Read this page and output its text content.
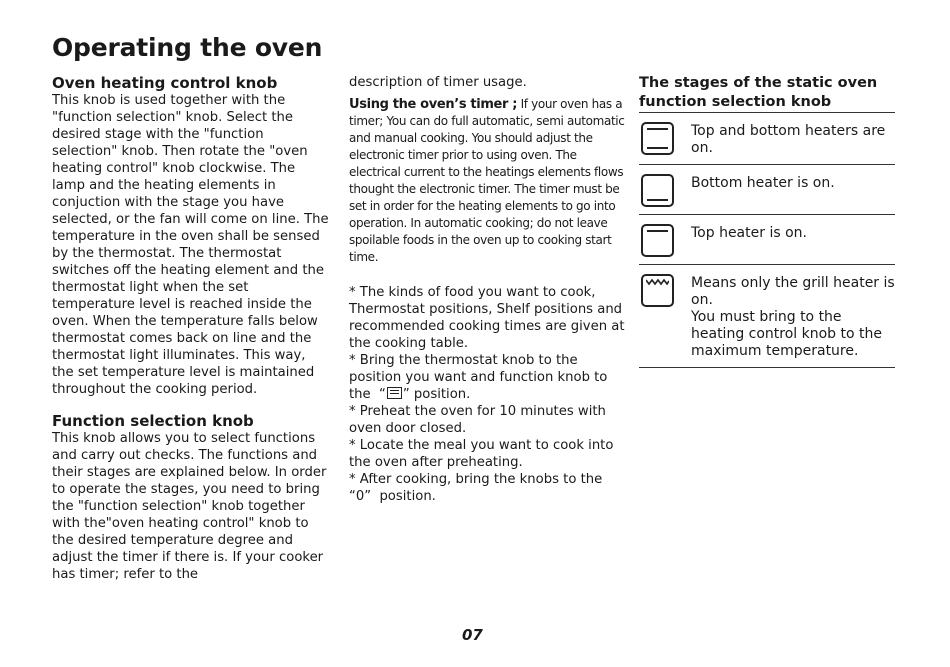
Operating the oven

Oven heating control knob

This knob is used together with the "function selection" knob. Select the desired stage with the "function selection" knob. Then rotate the "oven heating control" knob clockwise. The lamp and the heating elements in conjuction with the stage you have selected, or the fan will come on line. The temperature in the oven shall be sensed by the thermostat. The thermostat switches off the heating element and the thermostat light when the set temperature level is reached inside the oven. When the temperature falls below thermostat comes back on line and the thermostat light illuminates. This way, the set temperature level is maintained throughout the cooking period.

Function selection knob

This knob allows you to select functions and carry out checks. The functions and their stages are explained below. In order to operate the stages, you need to bring the "function selection" knob together with the"oven heating control" knob to the desired temperature degree and adjust the timer if there is. If your cooker has timer; refer to the

description of timer usage.

Using the oven’s timer ; If your oven has a timer; You can do full automatic, semi automatic and manual cooking. You should adjust the electronic timer prior to using oven. The electrical current to the heatings elements flows thought the electronic timer. The timer must be set in order for the heating elements to go into operation. In automatic cooking; do not leave spoilable foods in the oven up to cooking start time.

* The kinds of food you want to cook, Thermostat positions, Shelf positions and recommended cooking times are given at the cooking table.

* Bring the thermostat knob to the position you want and function knob to the  “ ” position.

* Preheat the oven for 10 minutes with oven door closed.

* Locate the meal you want to cook into the oven after preheating.

* After cooking, bring the knobs to the “0”  position.

The stages of the static oven function selection knob

Top and bottom heaters are on.
Bottom heater is on.
Top heater is on.
Means only the grill heater is on.
You must bring to the heating control knob to the maximum temperature.
07
